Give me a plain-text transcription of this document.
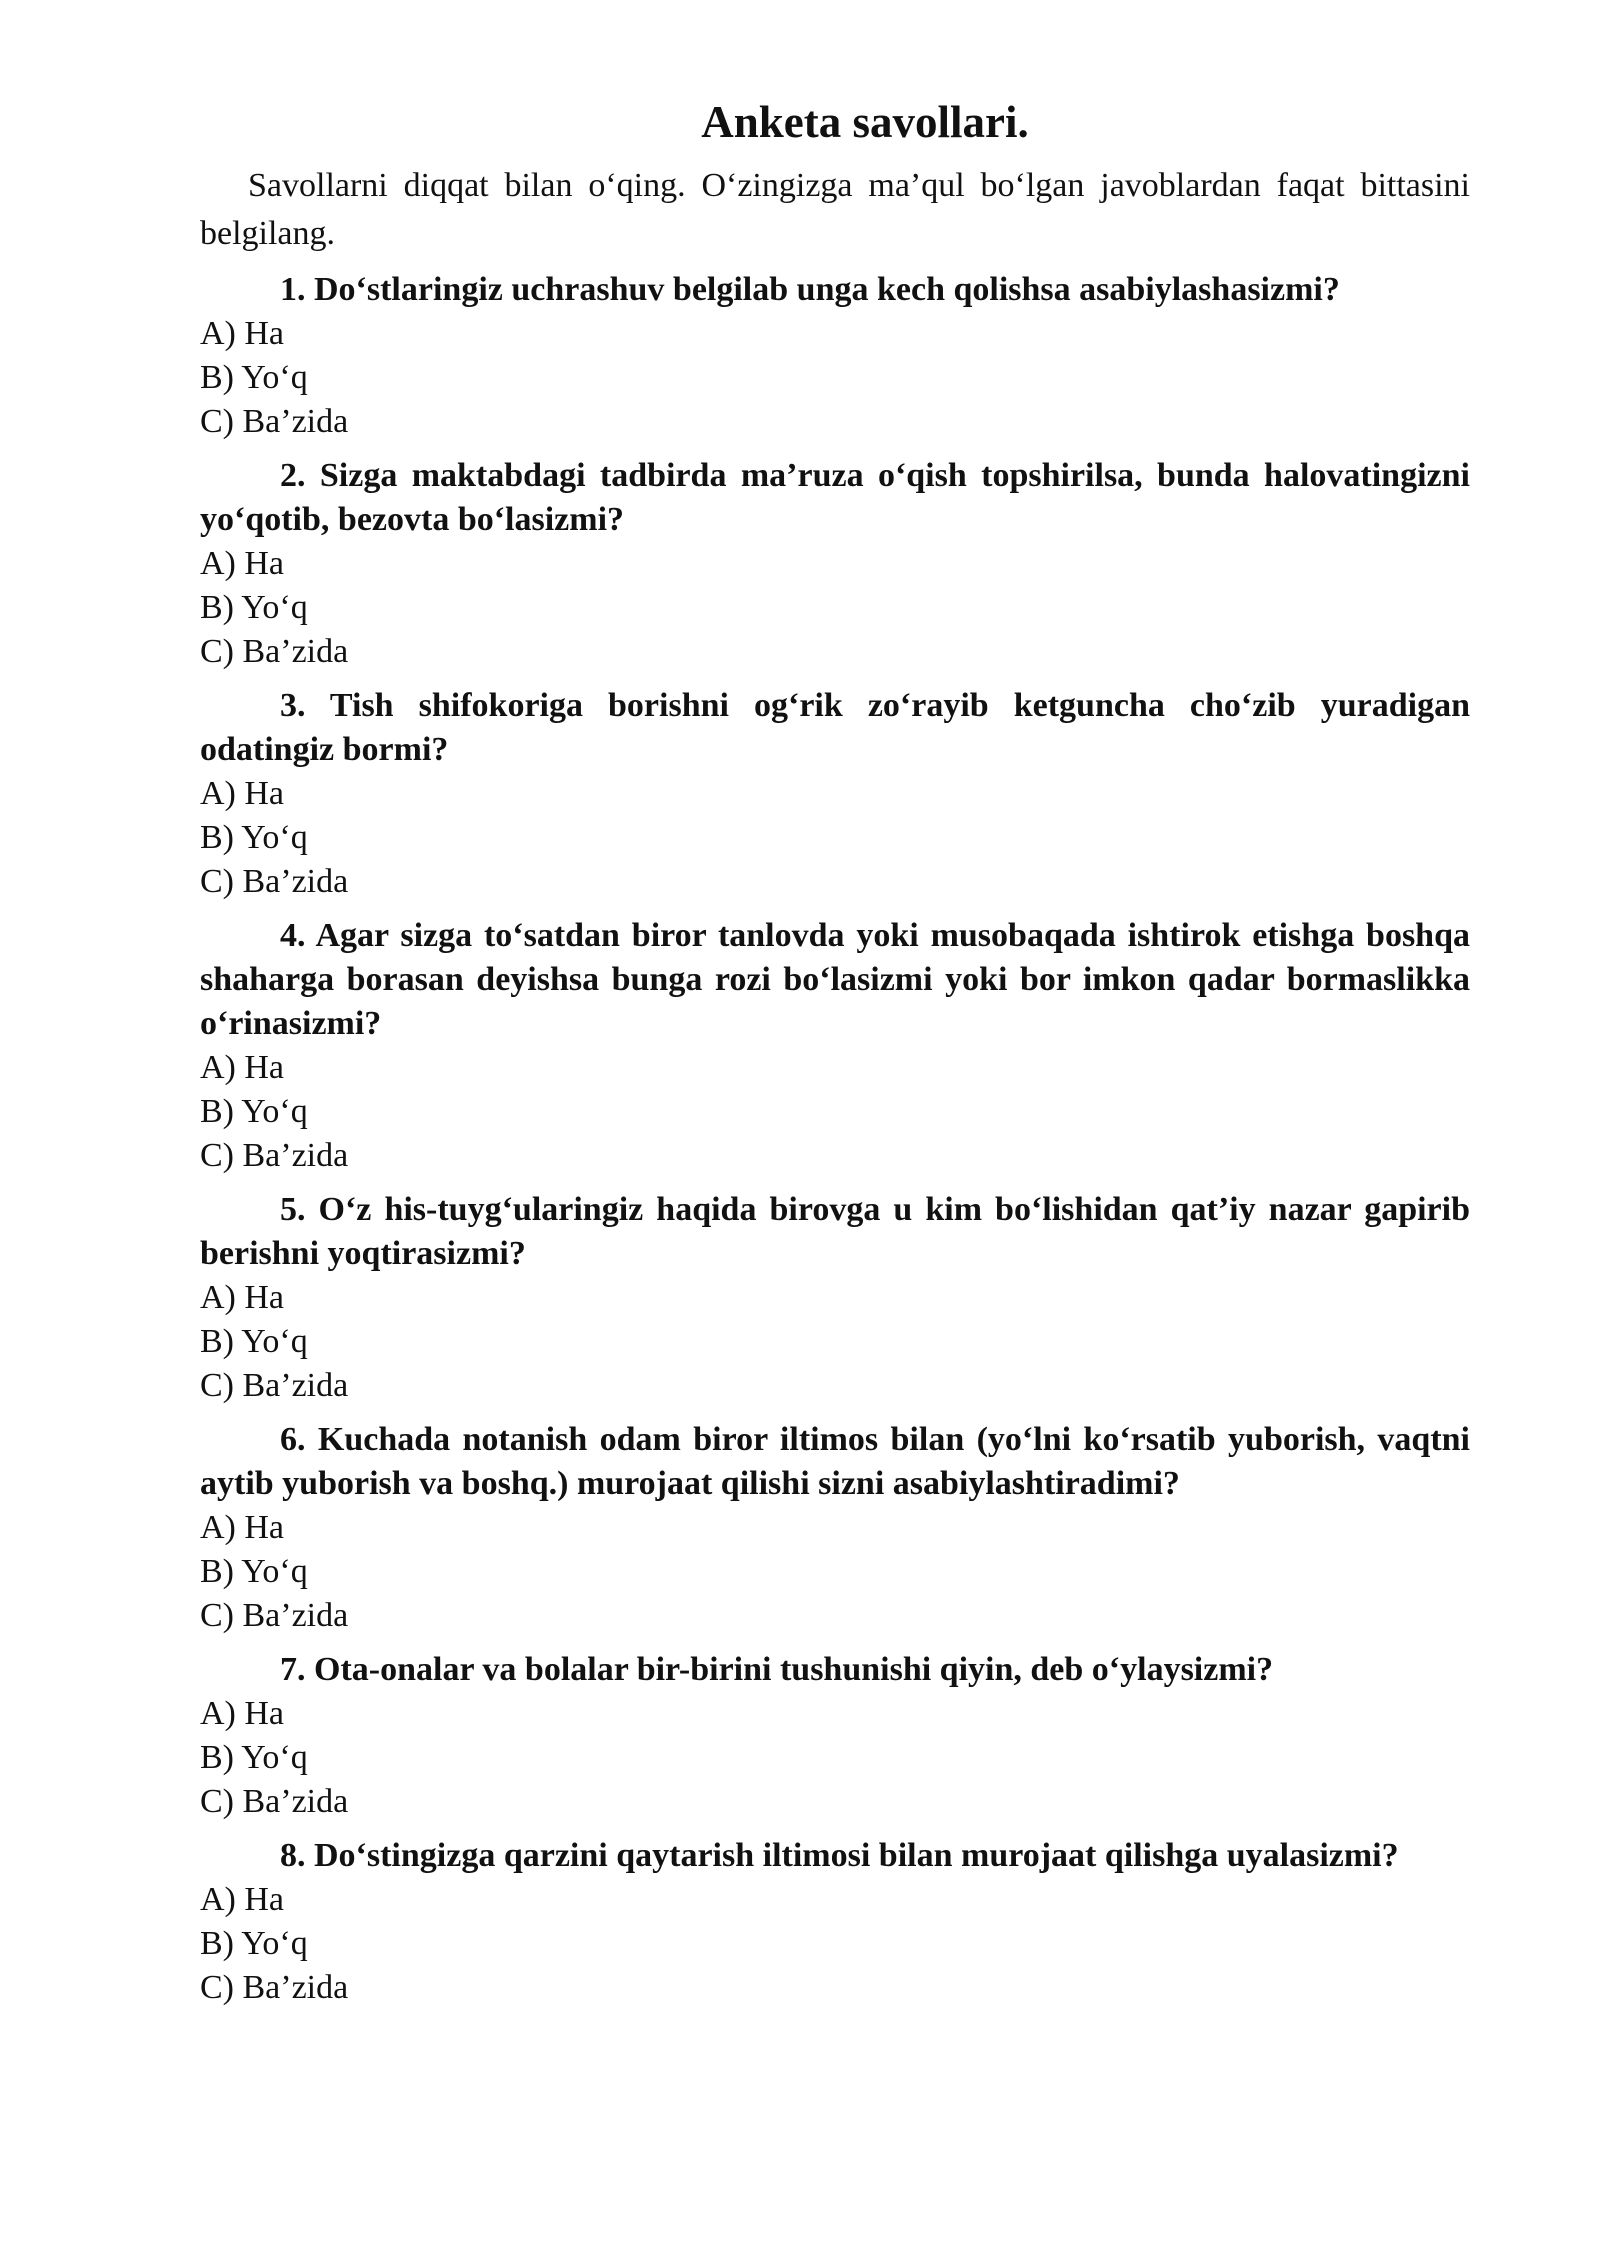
Anketa savollari.

Savollarni diqqat bilan o‘qing. O‘zingizga ma’qul bo‘lgan javoblardan faqat bittasini belgilang.

1. Do‘stlaringiz uchrashuv belgilab unga kech qolishsa asabiylashasizmi?

A) Ha
B) Yo‘q
C) Ba’zida

2. Sizga maktabdagi tadbirda ma’ruza o‘qish topshirilsa, bunda halovatingizni yo‘qotib, bezovta bo‘lasizmi?

A) Ha
B) Yo‘q
C) Ba’zida

3. Tish shifokoriga borishni og‘rik zo‘rayib ketguncha cho‘zib yuradigan odatingiz bormi?

A) Ha
B) Yo‘q
C) Ba’zida

4. Agar sizga to‘satdan biror tanlovda yoki musobaqada ishtirok etishga boshqa shaharga borasan deyishsa bunga rozi bo‘lasizmi yoki bor imkon qadar bormaslikka o‘rinasizmi?

A) Ha
B) Yo‘q
C) Ba’zida

5. O‘z his-tuyg‘ularingiz haqida birovga u kim bo‘lishidan qat’iy nazar gapirib berishni yoqtirasizmi?

A) Ha
B) Yo‘q
C) Ba’zida

6. Kuchada notanish odam biror iltimos bilan (yo‘lni ko‘rsatib yuborish, vaqtni aytib yuborish va boshq.) murojaat qilishi sizni asabiylashtiradimi?

A) Ha
B) Yo‘q
C) Ba’zida

7. Ota-onalar va bolalar bir-birini tushunishi qiyin, deb o‘ylaysizmi?

A) Ha
B) Yo‘q
C) Ba’zida

8. Do‘stingizga qarzini qaytarish iltimosi bilan murojaat qilishga uyalasizmi?

A) Ha
B) Yo‘q
C) Ba’zida
